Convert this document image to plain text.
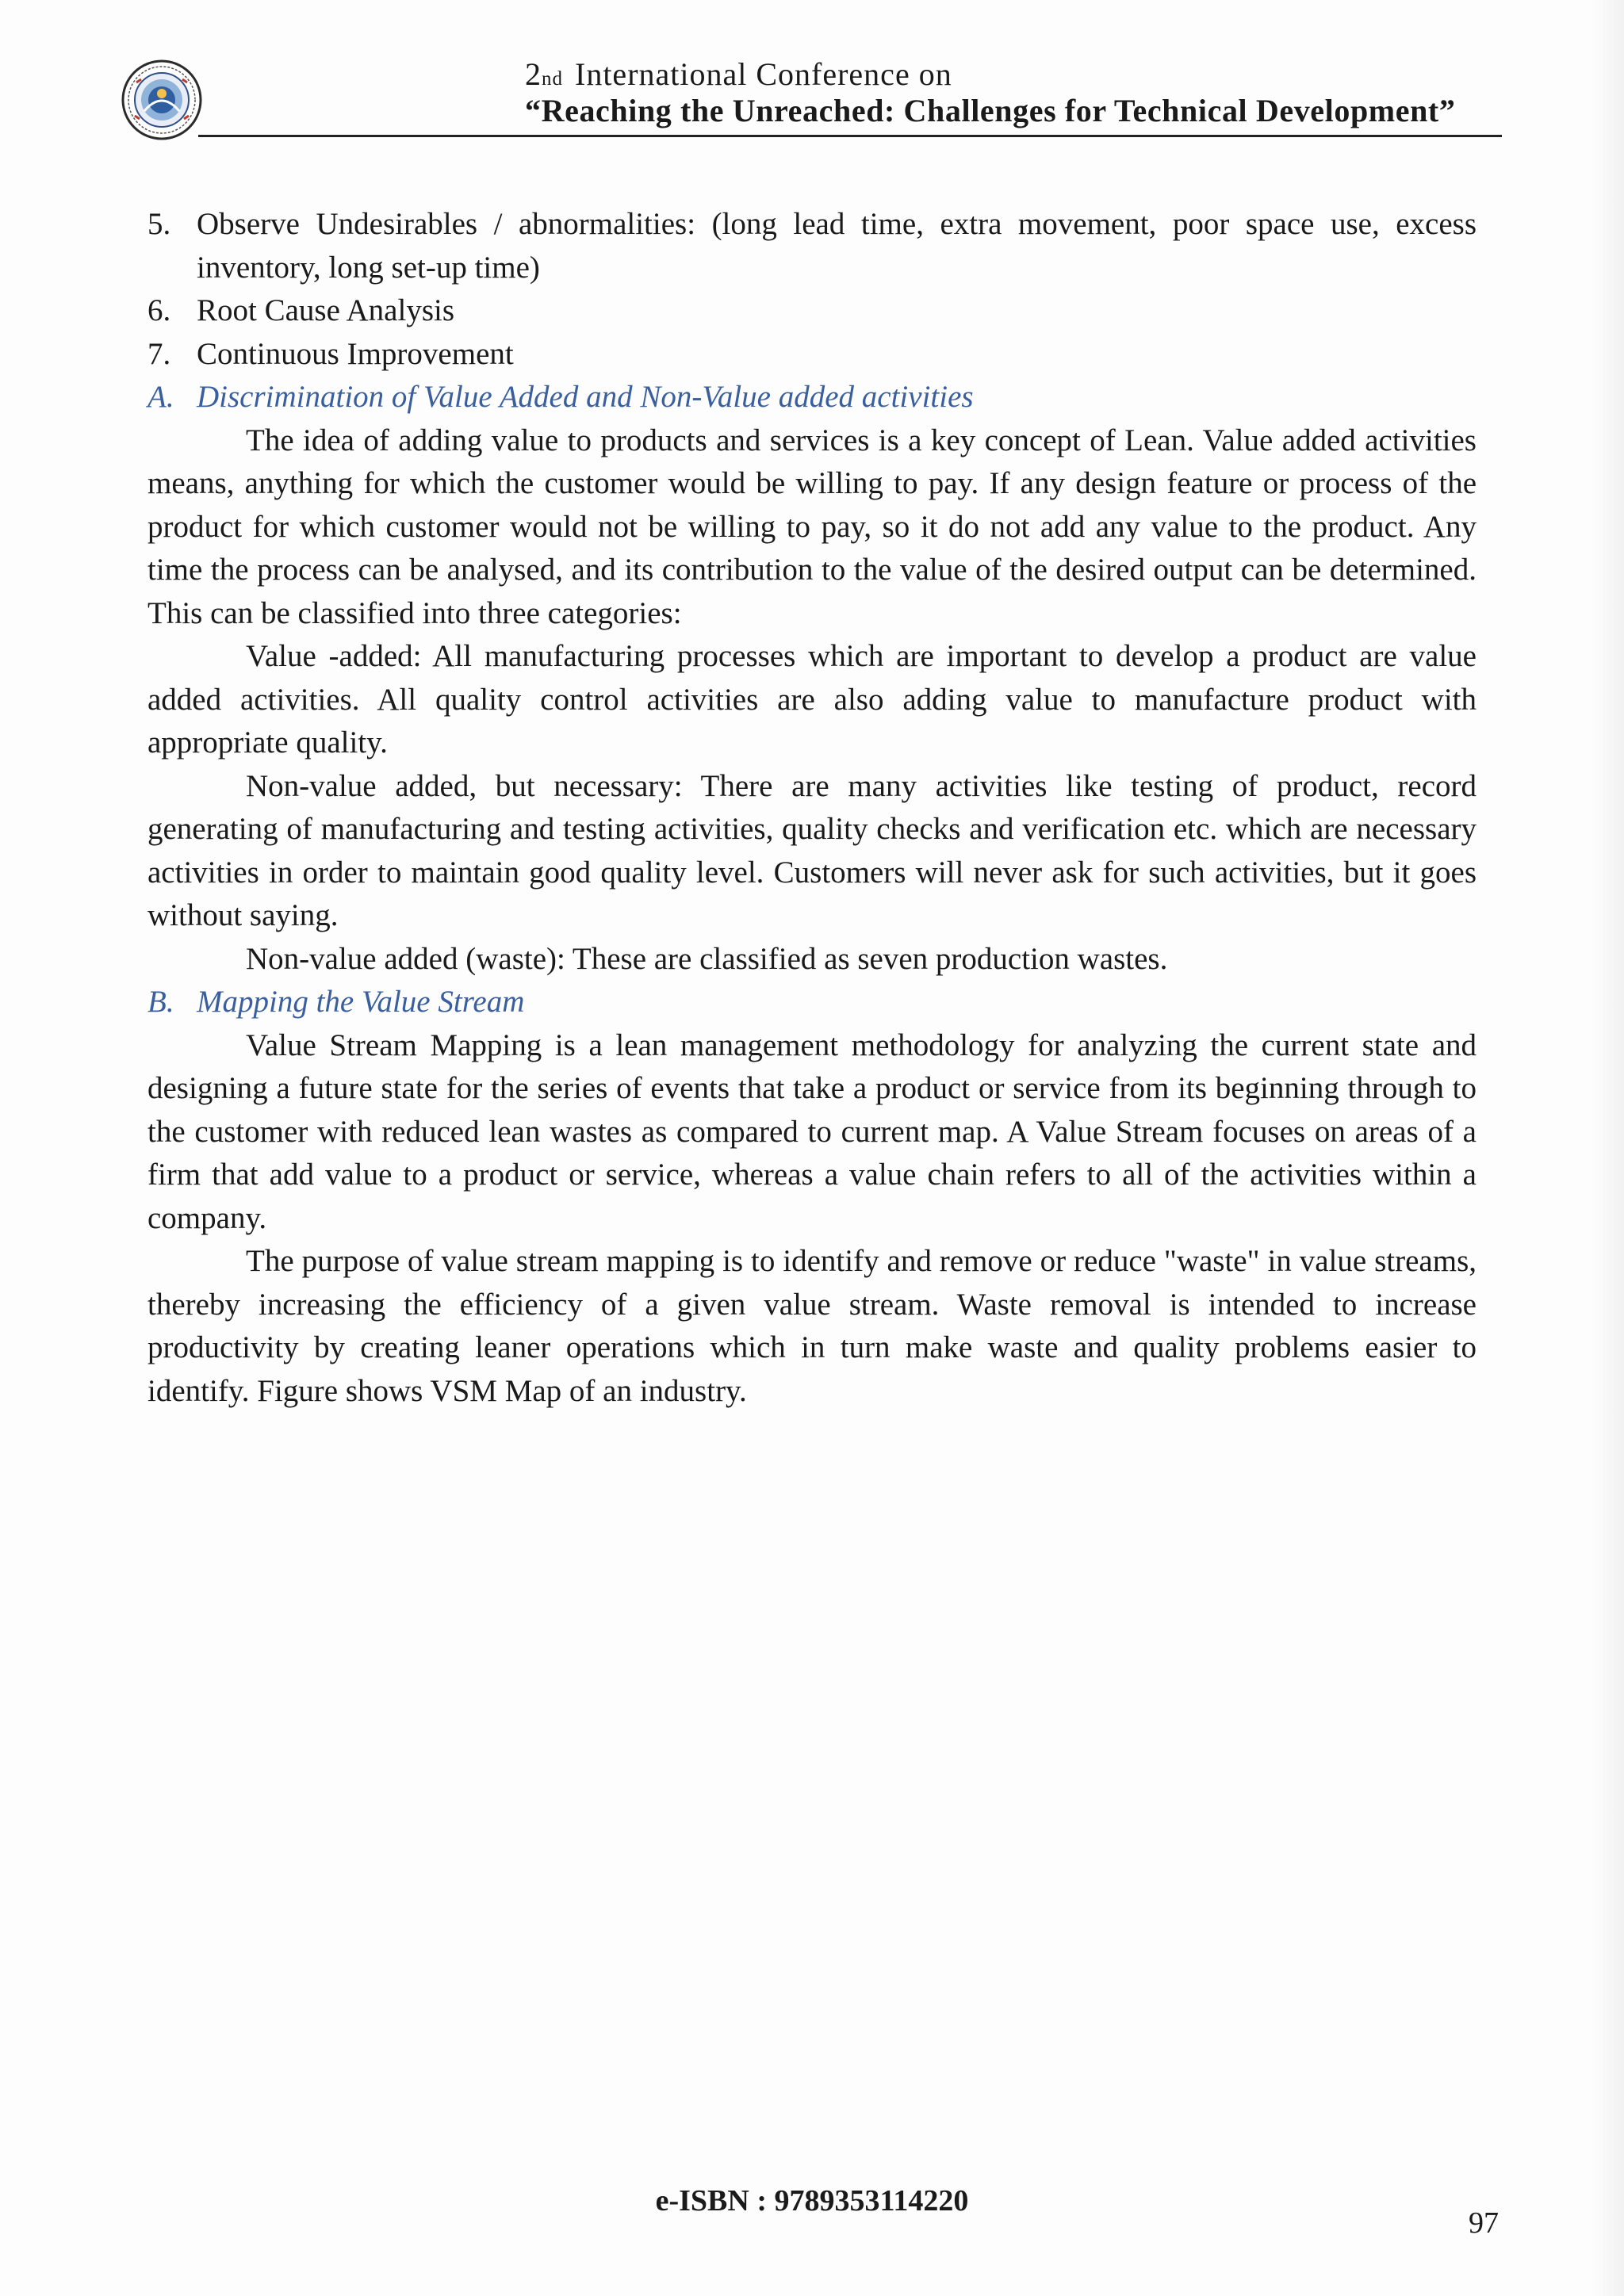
2nd International Conference on
“Reaching the Unreached: Challenges for Technical Development”
5. Observe Undesirables / abnormalities: (long lead time, extra movement, poor space use, excess inventory, long set-up time)
6. Root Cause Analysis
7. Continuous Improvement
A. Discrimination of Value Added and Non-Value added activities

The idea of adding value to products and services is a key concept of Lean. Value added activities means, anything for which the customer would be willing to pay. If any design feature or process of the product for which customer would not be willing to pay, so it do not add any value to the product. Any time the process can be analysed, and its contribution to the value of the desired output can be determined. This can be classified into three categories:

Value -added: All manufacturing processes which are important to develop a product are value added activities. All quality control activities are also adding value to manufacture product with appropriate quality.

Non-value added, but necessary: There are many activities like testing of product, record generating of manufacturing and testing activities, quality checks and verification etc. which are necessary activities in order to maintain good quality level. Customers will never ask for such activities, but it goes without saying.

Non-value added (waste): These are classified as seven production wastes.

B. Mapping the Value Stream

Value Stream Mapping is a lean management methodology for analyzing the current state and designing a future state for the series of events that take a product or service from its beginning through to the customer with reduced lean wastes as compared to current map. A Value Stream focuses on areas of a firm that add value to a product or service, whereas a value chain refers to all of the activities within a company.

The purpose of value stream mapping is to identify and remove or reduce "waste" in value streams, thereby increasing the efficiency of a given value stream. Waste removal is intended to increase productivity by creating leaner operations which in turn make waste and quality problems easier to identify. Figure shows VSM Map of an industry.

e-ISBN : 9789353114220
97
